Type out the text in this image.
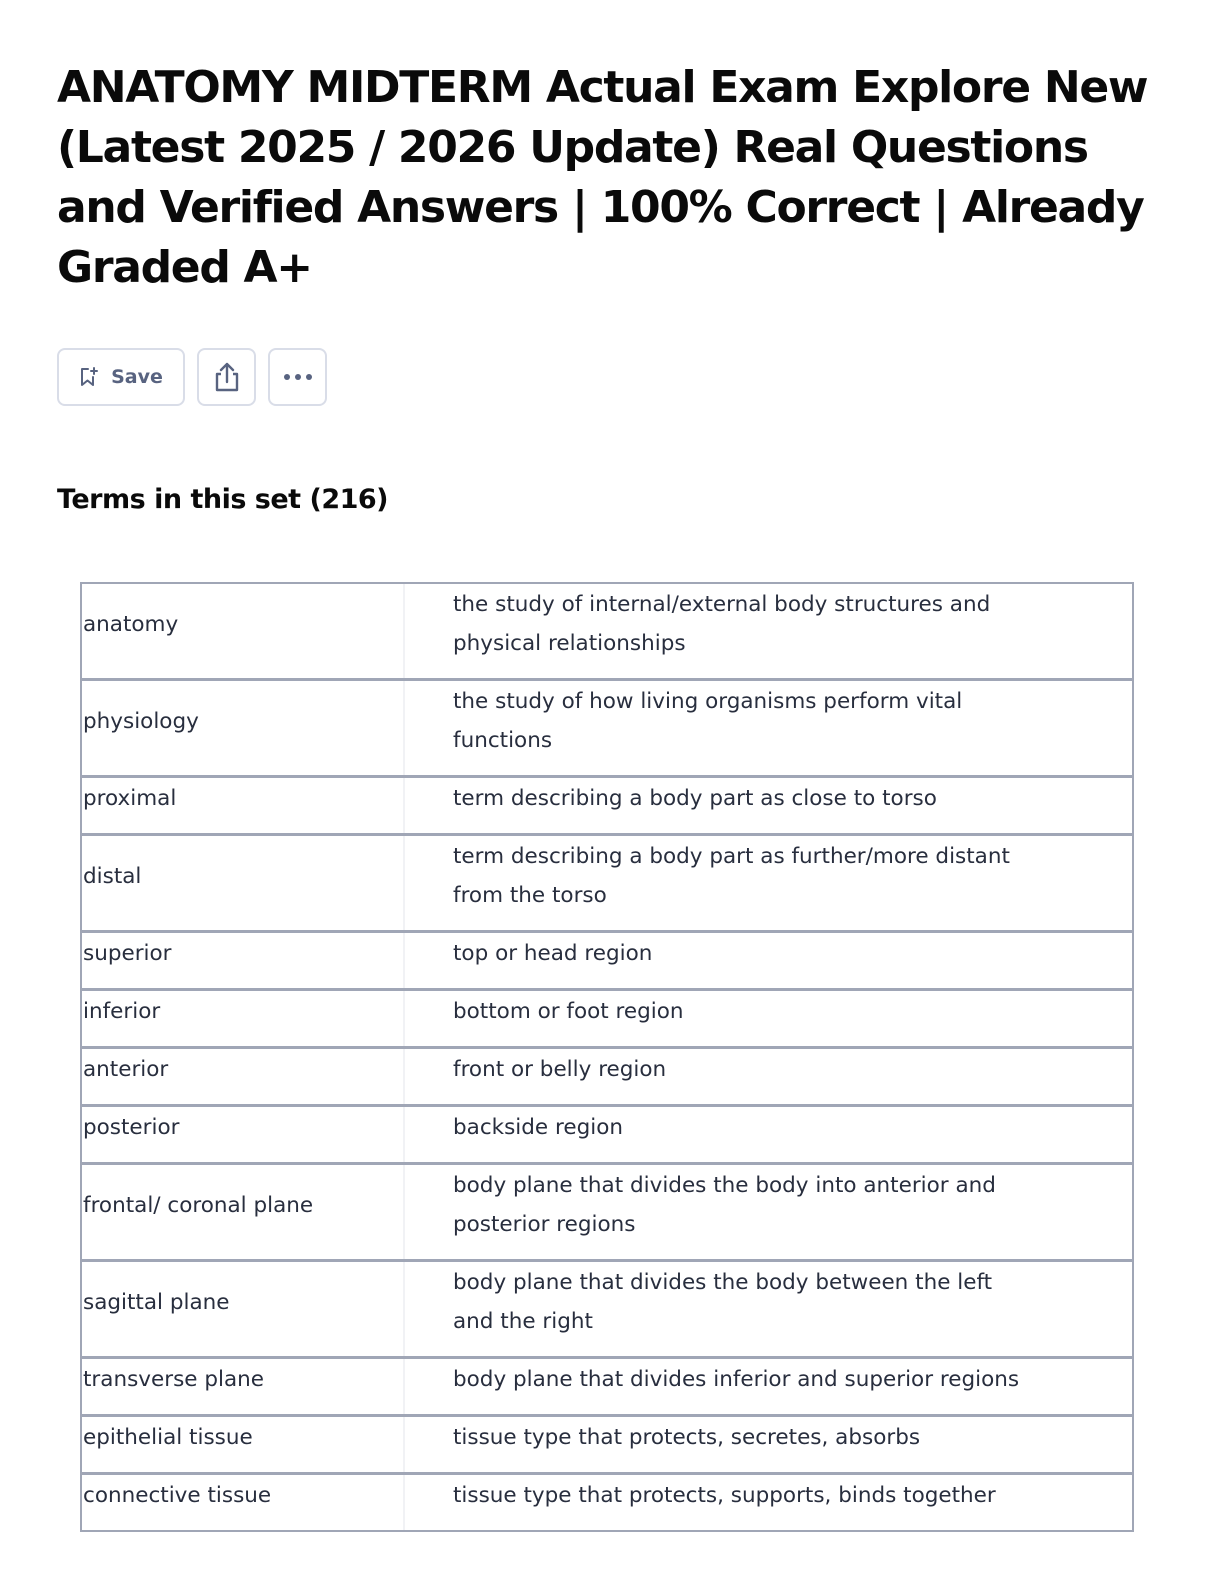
ANATOMY MIDTERM Actual Exam Explore New (Latest 2025 / 2026 Update) Real Questions and Verified Answers | 100% Correct | Already Graded A+
Save
Terms in this set (216)
anatomy	the study of internal/external body structures and physical relationships
physiology	the study of how living organisms perform vital functions
proximal	term describing a body part as close to torso
distal	term describing a body part as further/more distant from the torso
superior	top or head region
inferior	bottom or foot region
anterior	front or belly region
posterior	backside region
frontal/ coronal plane	body plane that divides the body into anterior and posterior regions
sagittal plane	body plane that divides the body between the left and the right
transverse plane	body plane that divides inferior and superior regions
epithelial tissue	tissue type that protects, secretes, absorbs
connective tissue	tissue type that protects, supports, binds together
